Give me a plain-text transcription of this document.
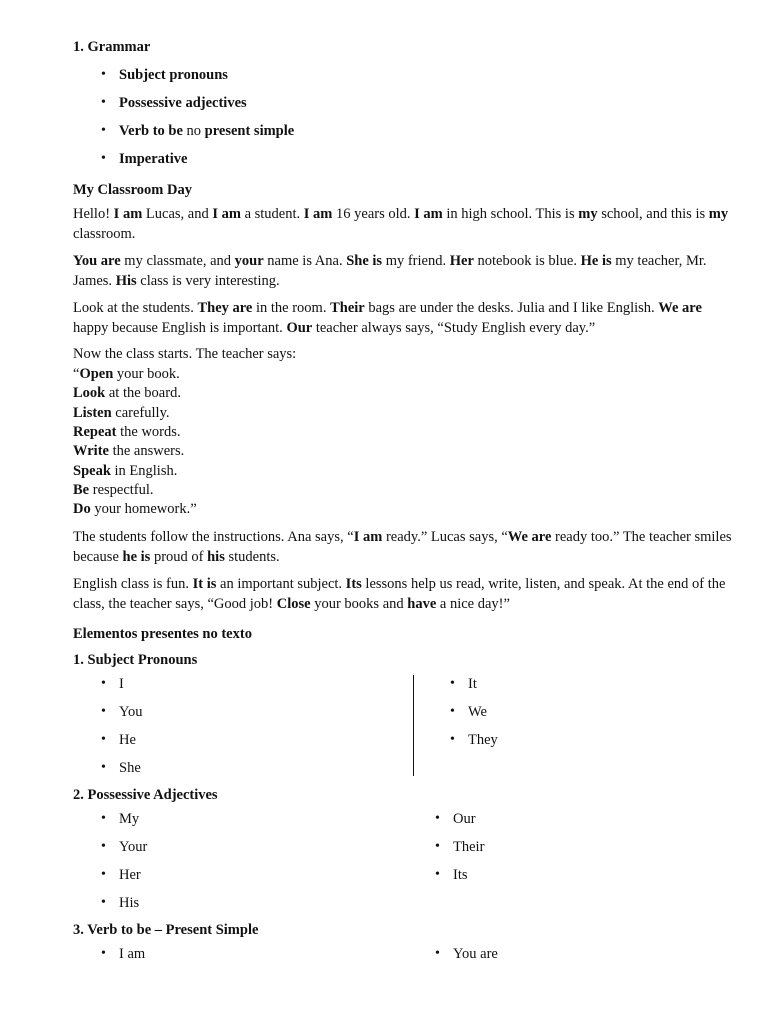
1. Grammar
• Subject pronouns
• Possessive adjectives
• Verb to be no present simple
• Imperative
My Classroom Day
Hello! I am Lucas, and I am a student. I am 16 years old. I am in high school. This is my school, and this is my classroom.
You are my classmate, and your name is Ana. She is my friend. Her notebook is blue. He is my teacher, Mr. James. His class is very interesting.
Look at the students. They are in the room. Their bags are under the desks. Julia and I like English. We are happy because English is important. Our teacher always says, “Study English every day.”
Now the class starts. The teacher says:
“Open your book.
Look at the board.
Listen carefully.
Repeat the words.
Write the answers.
Speak in English.
Be respectful.
Do your homework.”
The students follow the instructions. Ana says, “I am ready.” Lucas says, “We are ready too.” The teacher smiles because he is proud of his students.
English class is fun. It is an important subject. Its lessons help us read, write, listen, and speak. At the end of the class, the teacher says, “Good job! Close your books and have a nice day!”
Elementos presentes no texto
1. Subject Pronouns
• I
• You
• He
• She
• It
• We
• They
2. Possessive Adjectives
• My
• Your
• Her
• His
• Our
• Their
• Its
3. Verb to be – Present Simple
• I am	• You are
